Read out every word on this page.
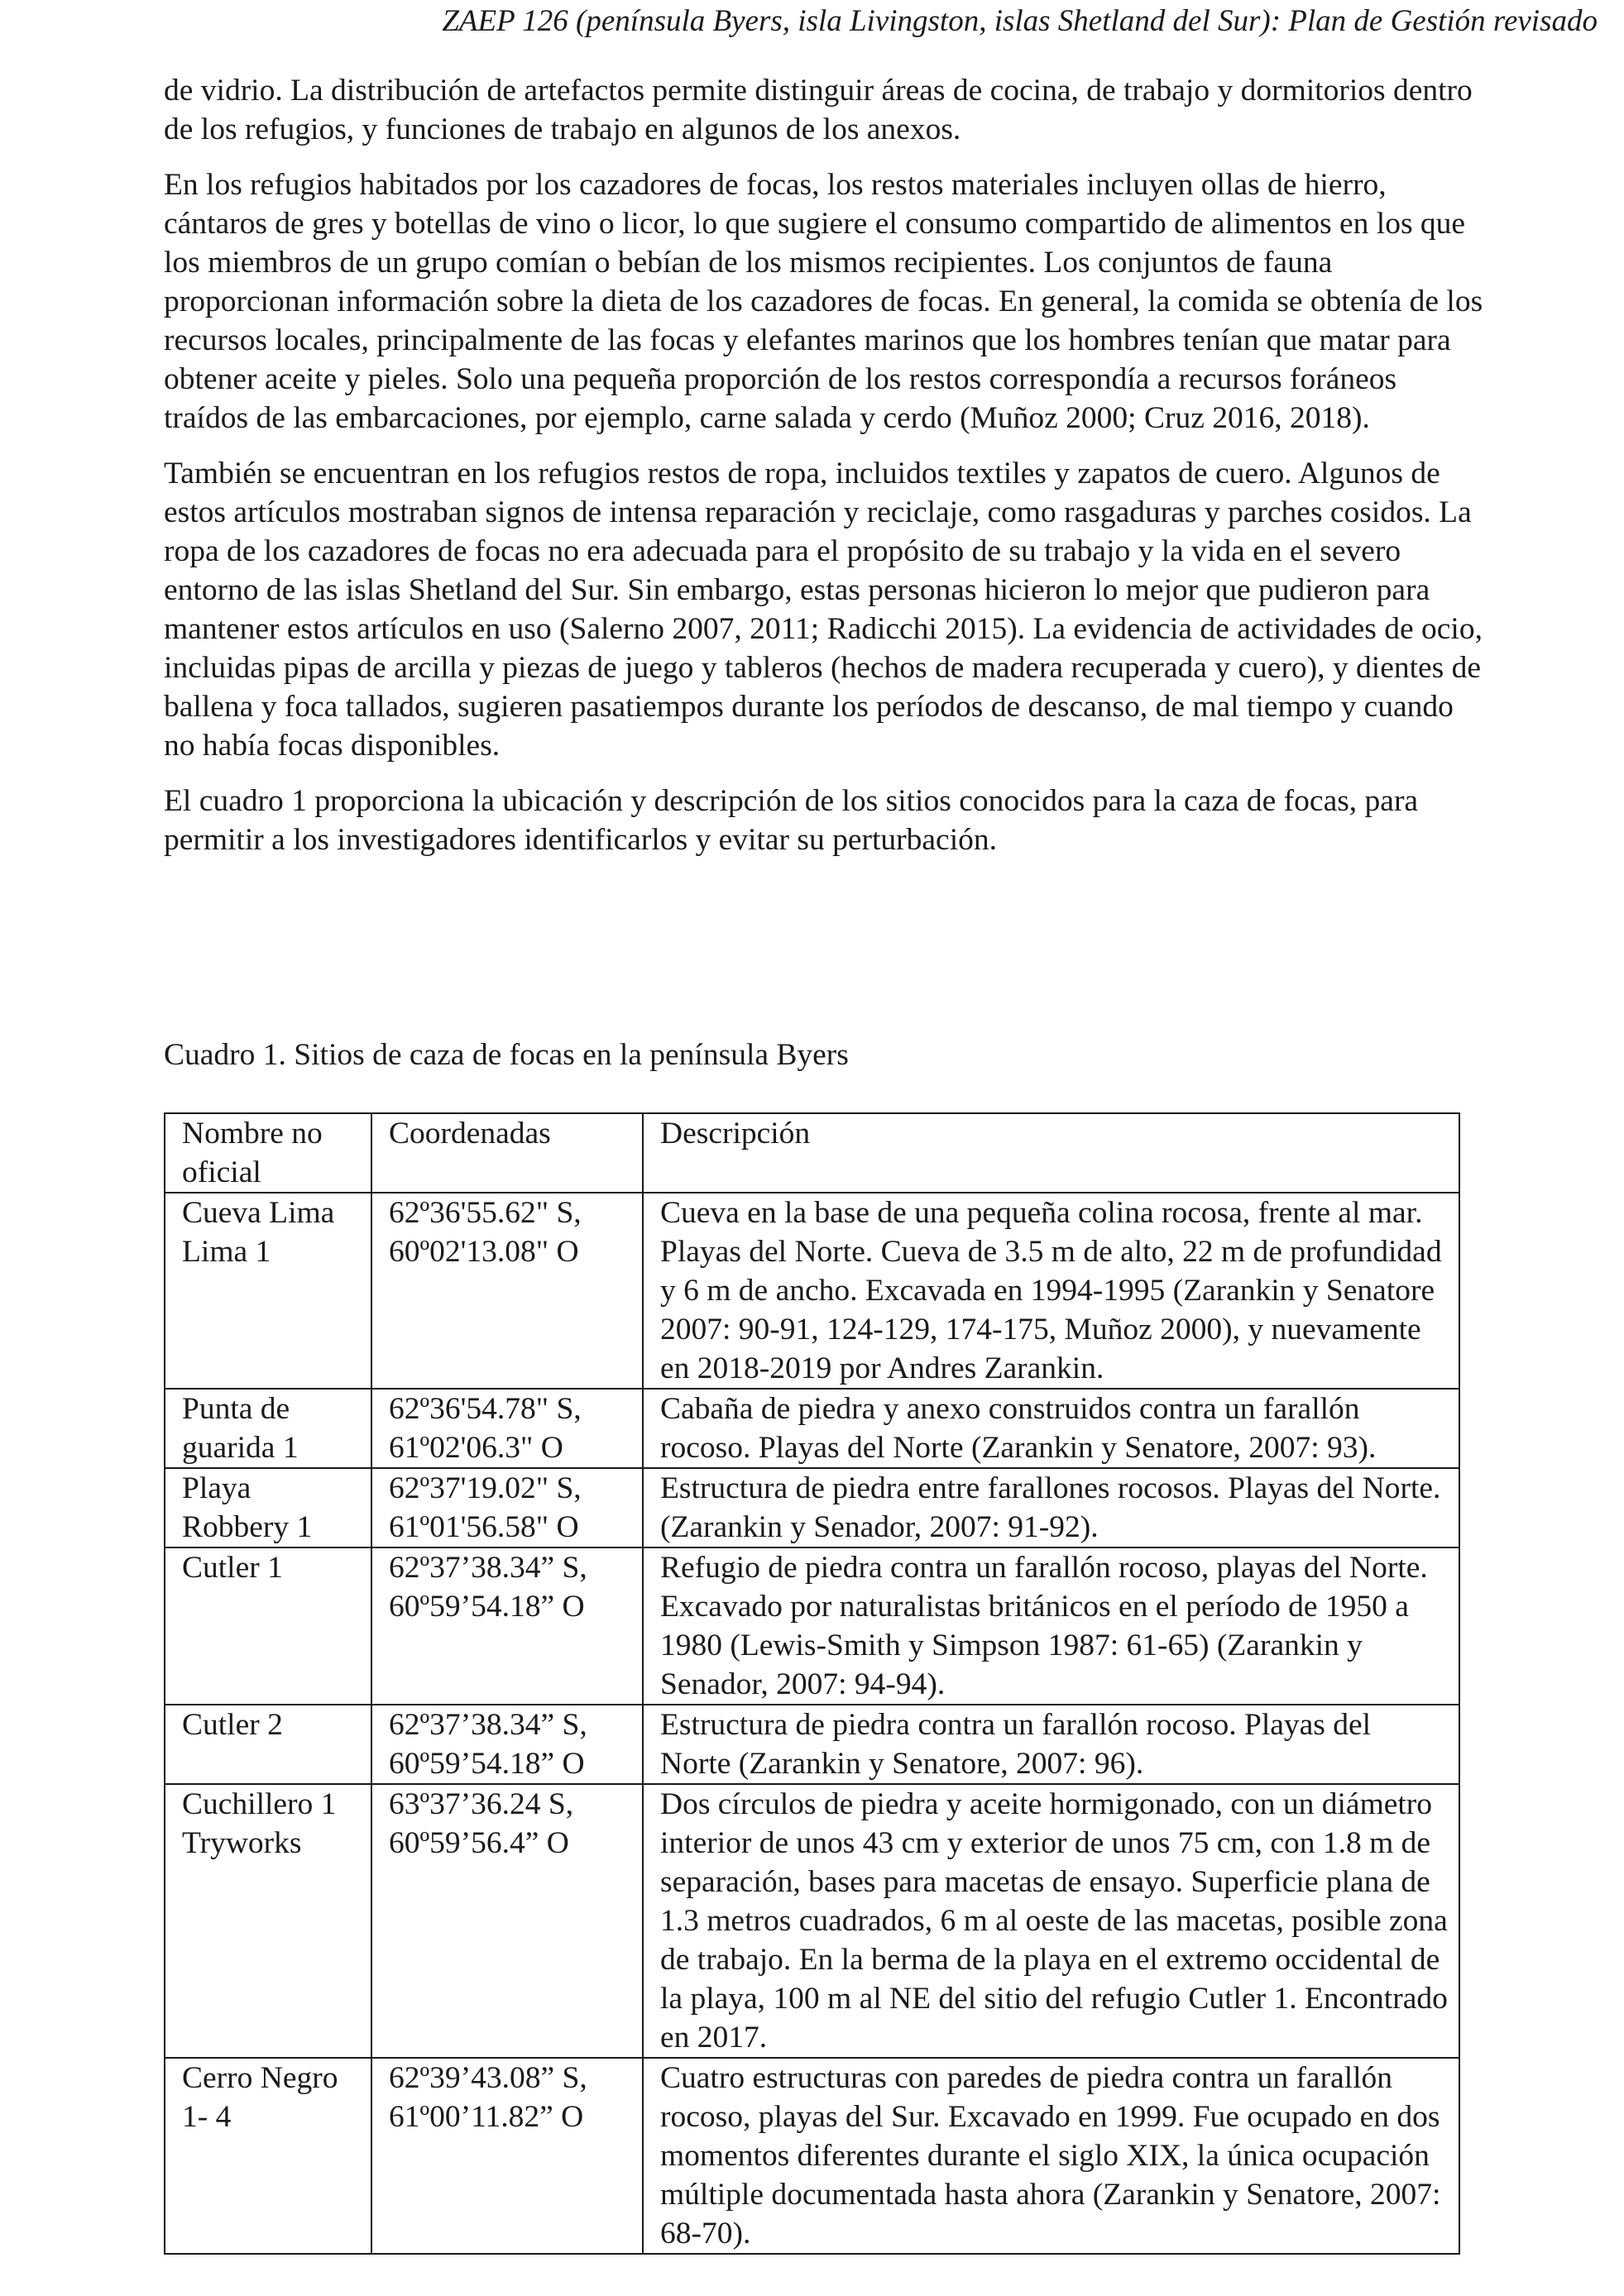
ZAEP 126 (península Byers, isla Livingston, islas Shetland del Sur): Plan de Gestión revisado

de vidrio. La distribución de artefactos permite distinguir áreas de cocina, de trabajo y dormitorios dentro de los refugios, y funciones de trabajo en algunos de los anexos.

En los refugios habitados por los cazadores de focas, los restos materiales incluyen ollas de hierro, cántaros de gres y botellas de vino o licor, lo que sugiere el consumo compartido de alimentos en los que los miembros de un grupo comían o bebían de los mismos recipientes. Los conjuntos de fauna proporcionan información sobre la dieta de los cazadores de focas. En general, la comida se obtenía de los recursos locales, principalmente de las focas y elefantes marinos que los hombres tenían que matar para obtener aceite y pieles. Solo una pequeña proporción de los restos correspondía a recursos foráneos traídos de las embarcaciones, por ejemplo, carne salada y cerdo (Muñoz 2000; Cruz 2016, 2018).

También se encuentran en los refugios restos de ropa, incluidos textiles y zapatos de cuero. Algunos de estos artículos mostraban signos de intensa reparación y reciclaje, como rasgaduras y parches cosidos. La ropa de los cazadores de focas no era adecuada para el propósito de su trabajo y la vida en el severo entorno de las islas Shetland del Sur. Sin embargo, estas personas hicieron lo mejor que pudieron para mantener estos artículos en uso (Salerno 2007, 2011; Radicchi 2015). La evidencia de actividades de ocio, incluidas pipas de arcilla y piezas de juego y tableros (hechos de madera recuperada y cuero), y dientes de ballena y foca tallados, sugieren pasatiempos durante los períodos de descanso, de mal tiempo y cuando no había focas disponibles.

El cuadro 1 proporciona la ubicación y descripción de los sitios conocidos para la caza de focas, para permitir a los investigadores identificarlos y evitar su perturbación.

Cuadro 1. Sitios de caza de focas en la península Byers
Nombre no oficial	Coordenadas	Descripción
Cueva Lima Lima 1	62º36'55.62" S, 60º02'13.08" O	Cueva en la base de una pequeña colina rocosa, frente al mar. Playas del Norte. Cueva de 3.5 m de alto, 22 m de profundidad y 6 m de ancho. Excavada en 1994-1995 (Zarankin y Senatore 2007: 90-91, 124-129, 174-175, Muñoz 2000), y nuevamente en 2018-2019 por Andres Zarankin.
Punta de guarida 1	62º36'54.78" S, 61º02'06.3" O	Cabaña de piedra y anexo construidos contra un farallón rocoso. Playas del Norte (Zarankin y Senatore, 2007: 93).
Playa Robbery 1	62º37'19.02" S, 61º01'56.58" O	Estructura de piedra entre farallones rocosos. Playas del Norte. (Zarankin y Senador, 2007: 91-92).
Cutler 1	62º37’38.34” S, 60º59’54.18” O	Refugio de piedra contra un farallón rocoso, playas del Norte. Excavado por naturalistas británicos en el período de 1950 a 1980 (Lewis-Smith y Simpson 1987: 61-65) (Zarankin y Senador, 2007: 94-94).
Cutler 2	62º37’38.34” S, 60º59’54.18” O	Estructura de piedra contra un farallón rocoso. Playas del Norte (Zarankin y Senatore, 2007: 96).
Cuchillero 1 Tryworks	63º37’36.24 S, 60º59’56.4” O	Dos círculos de piedra y aceite hormigonado, con un diámetro interior de unos 43 cm y exterior de unos 75 cm, con 1.8 m de separación, bases para macetas de ensayo. Superficie plana de 1.3 metros cuadrados, 6 m al oeste de las macetas, posible zona de trabajo. En la berma de la playa en el extremo occidental de la playa, 100 m al NE del sitio del refugio Cutler 1. Encontrado en 2017.
Cerro Negro 1- 4	62º39’43.08” S, 61º00’11.82” O	Cuatro estructuras con paredes de piedra contra un farallón rocoso, playas del Sur. Excavado en 1999. Fue ocupado en dos momentos diferentes durante el siglo XIX, la única ocupación múltiple documentada hasta ahora (Zarankin y Senatore, 2007: 68-70).
